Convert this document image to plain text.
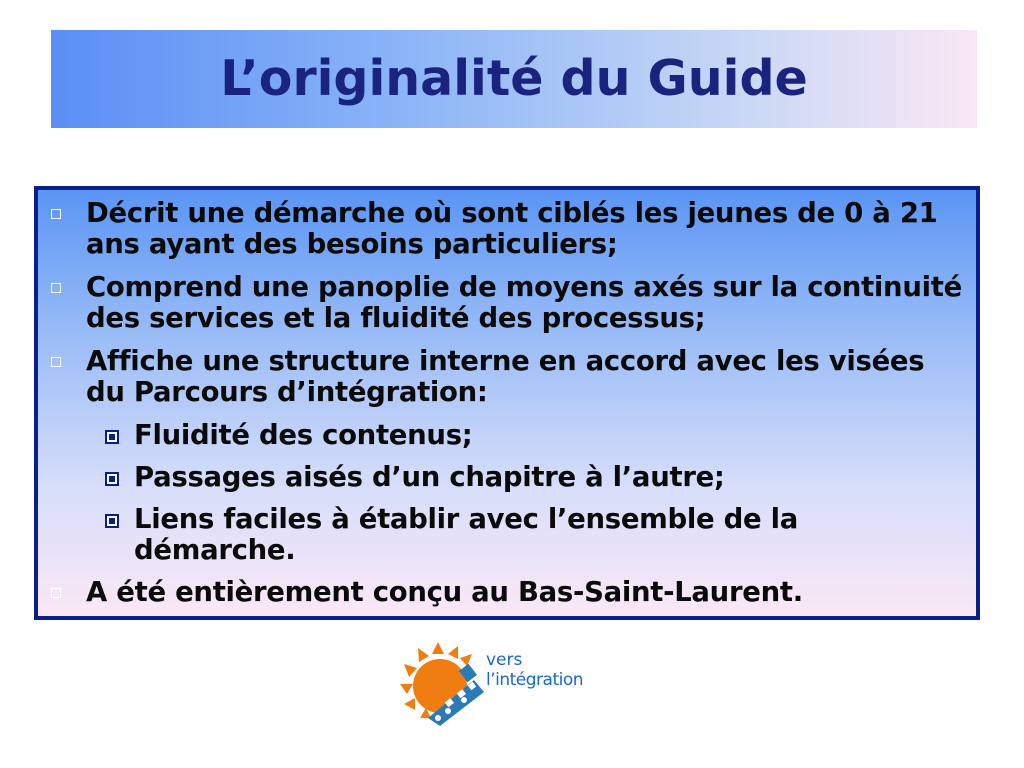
L’originalité du Guide
Décrit une démarche où sont ciblés les jeunes de 0 à 21 ans ayant des besoins particuliers;
Comprend une panoplie de moyens axés sur la continuité des services et la fluidité des processus;
Affiche une structure interne en accord avec les visées du Parcours d’intégration:
Fluidité des contenus;
Passages aisés d’un chapitre à l’autre;
Liens faciles à établir avec l’ensemble de la démarche.
A été entièrement conçu au Bas-Saint-Laurent.
vers
l’intégration
